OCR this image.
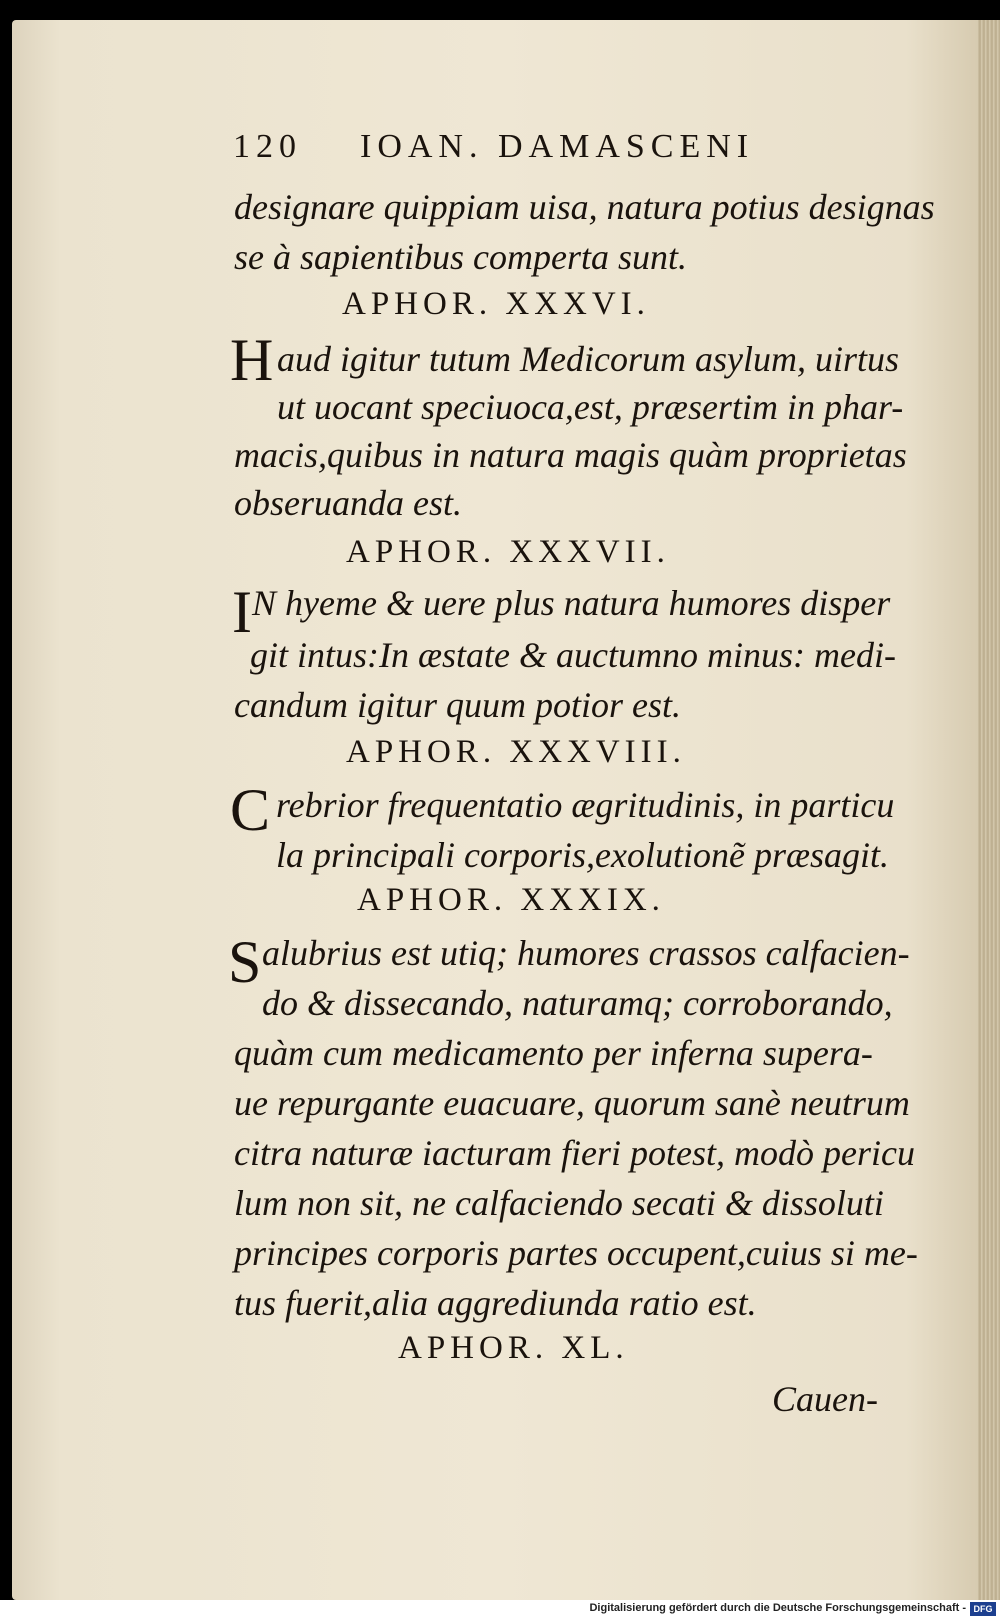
120 IOAN. DAMASCENI
designare quippiam uisa, natura potius designas
se à sapientibus comperta sunt.
APHOR. XXXVI.
H aud igitur tutum Medicorum asylum, uirtus
ut uocant speciuoca,est, præsertim in phar-
macis,quibus in natura magis quàm proprietas
obseruanda est.
APHOR. XXXVII.
I N hyeme & uere plus natura humores disper
git intus:In æstate & auctumno minus: medi-
candum igitur quum potior est.
APHOR. XXXVIII.
C rebrior frequentatio ægritudinis, in particu
la principali corporis,exolutionẽ præsagit.
APHOR. XXXIX.
S alubrius est utiq; humores crassos calfacien-
do & dissecando, naturamq; corroborando,
quàm cum medicamento per inferna supera-
ue repurgante euacuare, quorum sanè neutrum
citra naturæ iacturam fieri potest, modò pericu
lum non sit, ne calfaciendo secati & dissoluti
principes corporis partes occupent,cuius si me-
tus fuerit,alia aggrediunda ratio est.
APHOR. XL.
Cauen-
Digitalisierung gefördert durch die Deutsche Forschungsgemeinschaft - DFG
